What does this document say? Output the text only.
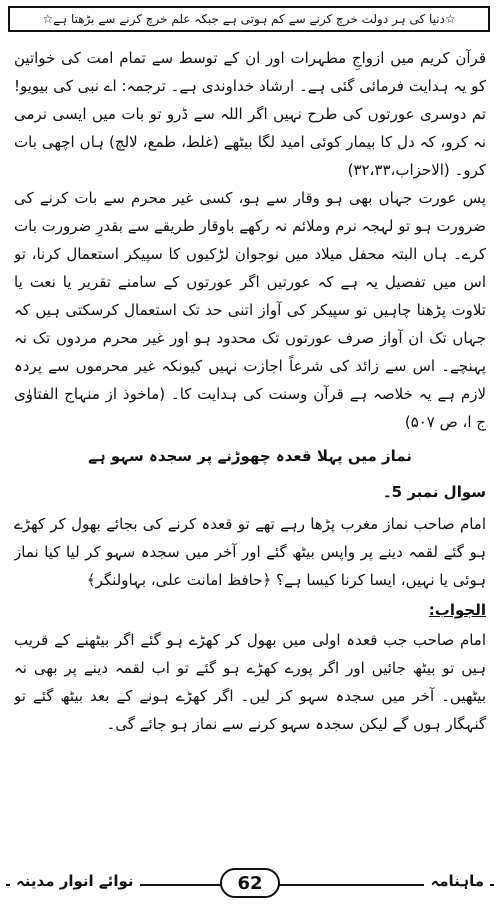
☆دنیا کی ہر دولت خرچ کرنے سے کم ہوتی ہے جبکہ علم خرچ کرنے سے بڑھتا ہے☆

قرآن کریم میں ازواجِ مطہرات اور ان کے توسط سے تمام امت کی خواتین کو یہ ہدایت فرمائی گئی ہے۔ ارشاد خداوندی ہے۔ ترجمہ: اے نبی کی بیویو! تم دوسری عورتوں کی طرح نہیں اگر اللہ سے ڈرو تو بات میں ایسی نرمی نہ کرو، کہ دل کا بیمار کوئی امید لگا بیٹھے (غلط، طمع، لالچ) ہاں اچھی بات کرو۔ (الاحزاب،۳۲،۳۳)

پس عورت جہاں بھی ہو وقار سے ہو، کسی غیر محرم سے بات کرنے کی ضرورت ہو تو لہجہ نرم وملائم نہ رکھے باوقار طریقے سے بقدرِ ضرورت بات کرے۔ ہاں البتہ محفل میلاد میں نوجوان لڑکیوں کا سپیکر استعمال کرنا، تو اس میں تفصیل یہ ہے کہ عورتیں اگر عورتوں کے سامنے تقریر یا نعت یا تلاوت پڑھنا چاہیں تو سپیکر کی آواز اتنی حد تک استعمال کرسکتی ہیں کہ جہاں تک ان آواز صرف عورتوں تک محدود ہو اور غیر محرم مردوں تک نہ پہنچے۔ اس سے زائد کی شرعاً اجازت نہیں کیونکہ غیر محرموں سے پردہ لازم ہے یہ خلاصہ ہے قرآن وسنت کی ہدایت کا۔ (ماخوذ از منہاج الفتاوٰی ج ا، ص ۵۰۷)

نماز میں پہلا قعدہ چھوڑنے پر سجدہ سہو ہے
سوال نمبر 5۔

امام صاحب نماز مغرب پڑھا رہے تھے تو قعدہ کرنے کی بجائے بھول کر کھڑے ہو گئے لقمہ دینے پر واپس بیٹھ گئے اور آخر میں سجدہ سہو کر لیا کیا نماز ہوئی یا نہیں، ایسا کرنا کیسا ہے؟ ﴿حافظ امانت علی، بہاولنگر﴾

الجواب:

امام صاحب جب قعدہ اولی میں بھول کر کھڑے ہو گئے اگر بیٹھنے کے قریب ہیں تو بیٹھ جائیں اور اگر پورے کھڑے ہو گئے تو اب لقمہ دینے پر بھی نہ بیٹھیں۔ آخر میں سجدہ سہو کر لیں۔ اگر کھڑے ہونے کے بعد بیٹھ گئے تو گنہگار ہوں گے لیکن سجدہ سہو کرنے سے نماز ہو جائے گی۔

نوائے انوار مدینہ	ماہنامہ
62
